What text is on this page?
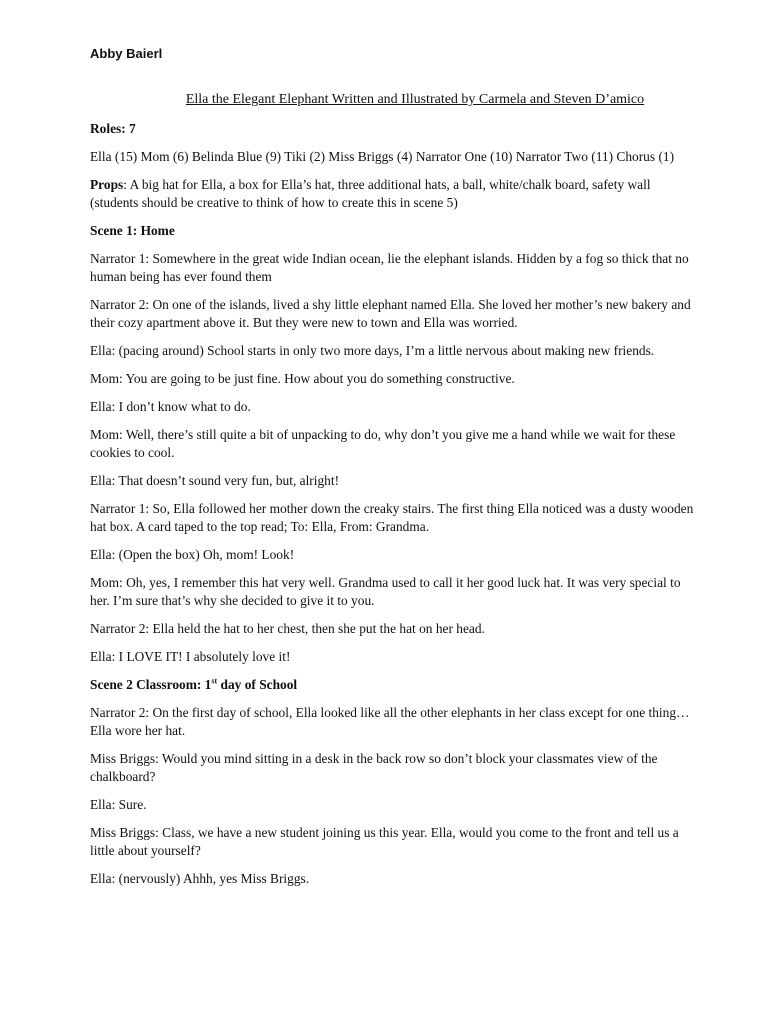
Abby Baierl
Ella the Elegant Elephant Written and Illustrated by Carmela and Steven D’amico

Roles: 7

Ella (15) Mom (6) Belinda Blue (9) Tiki (2) Miss Briggs (4) Narrator One (10) Narrator Two (11) Chorus (1)

Props: A big hat for Ella, a box for Ella’s hat, three additional hats, a ball, white/chalk board, safety wall (students should be creative to think of how to create this in scene 5)

Scene 1: Home

Narrator 1: Somewhere in the great wide Indian ocean, lie the elephant islands. Hidden by a fog so thick that no human being has ever found them

Narrator 2: On one of the islands, lived a shy little elephant named Ella. She loved her mother’s new bakery and their cozy apartment above it. But they were new to town and Ella was worried.

Ella: (pacing around) School starts in only two more days, I’m a little nervous about making new friends.

Mom: You are going to be just fine. How about you do something constructive.

Ella: I don’t know what to do.

Mom: Well, there’s still quite a bit of unpacking to do, why don’t you give me a hand while we wait for these cookies to cool.

Ella: That doesn’t sound very fun, but, alright!

Narrator 1: So, Ella followed her mother down the creaky stairs. The first thing Ella noticed was a dusty wooden hat box. A card taped to the top read; To: Ella, From: Grandma.

Ella: (Open the box) Oh, mom! Look!

Mom: Oh, yes, I remember this hat very well. Grandma used to call it her good luck hat. It was very special to her. I’m sure that’s why she decided to give it to you.

Narrator 2: Ella held the hat to her chest, then she put the hat on her head.

Ella: I LOVE IT! I absolutely love it!

Scene 2 Classroom: 1st day of School

Narrator 2: On the first day of school, Ella looked like all the other elephants in her class except for one thing…Ella wore her hat.

Miss Briggs: Would you mind sitting in a desk in the back row so don’t block your classmates view of the chalkboard?

Ella: Sure.

Miss Briggs: Class, we have a new student joining us this year. Ella, would you come to the front and tell us a little about yourself?

Ella: (nervously) Ahhh, yes Miss Briggs.
